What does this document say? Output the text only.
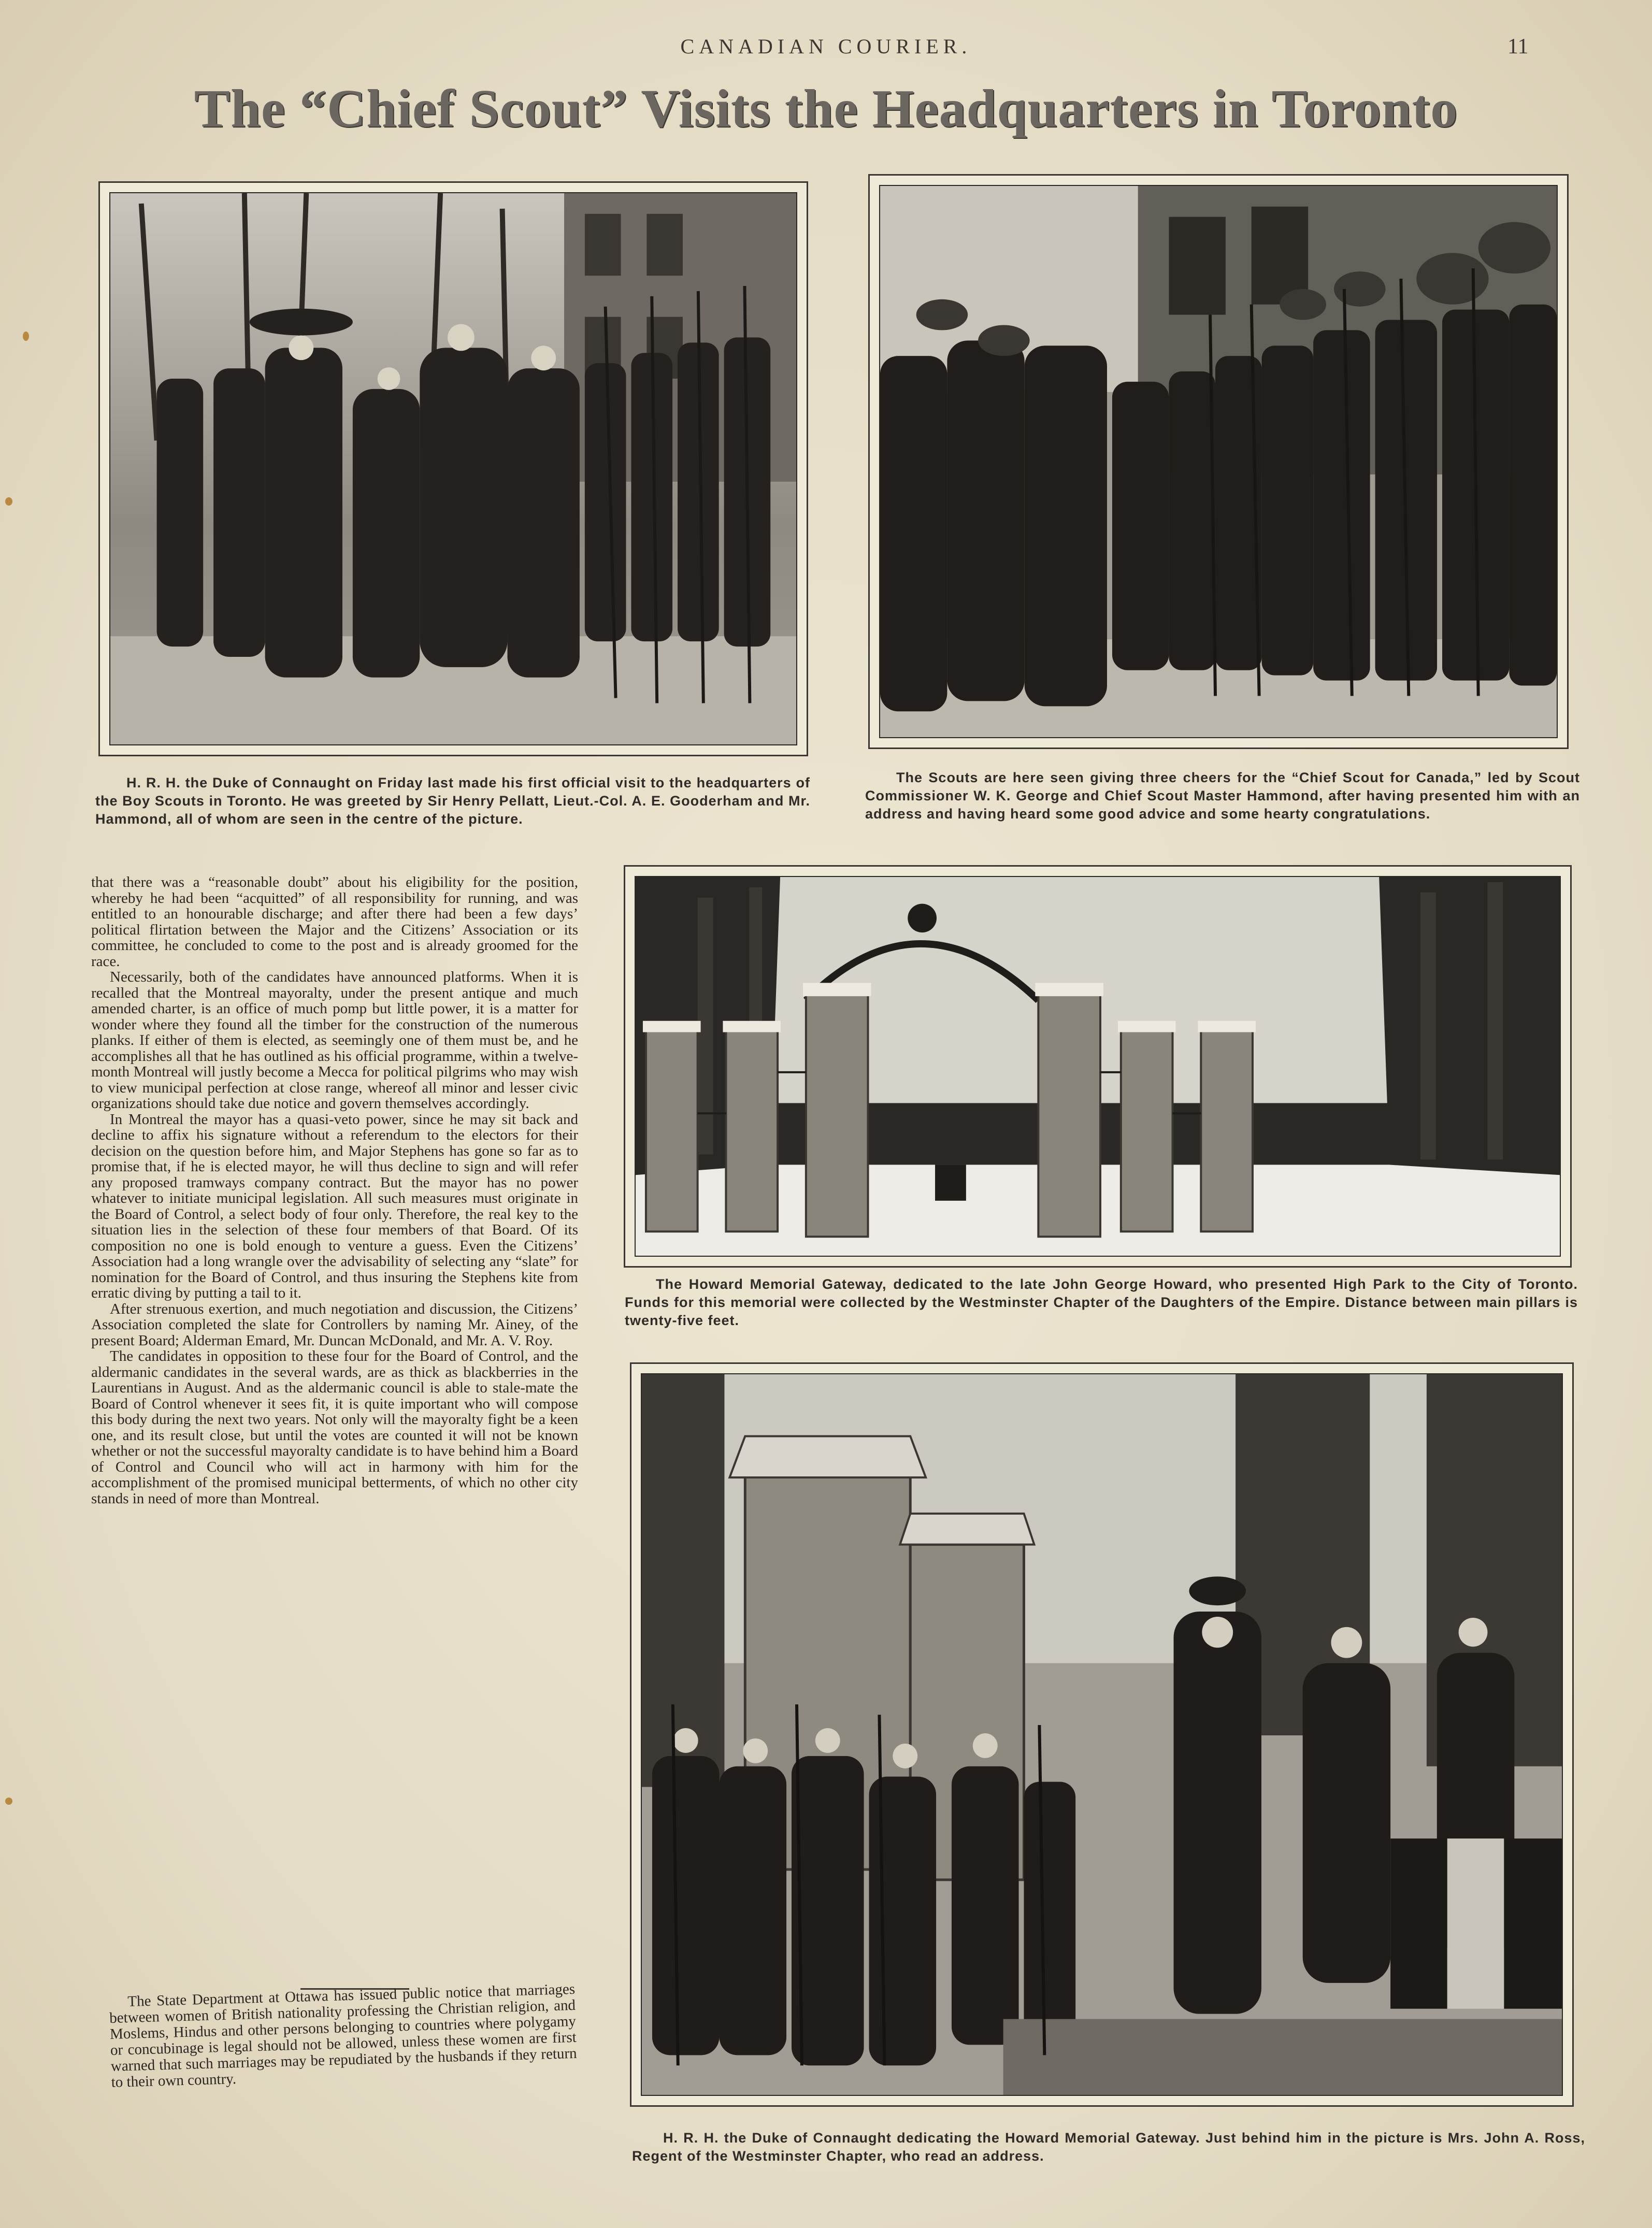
CANADIAN COURIER.	11
The “Chief Scout” Visits the Headquarters in Toronto
H. R. H. the Duke of Connaught on Friday last made his first official visit to the headquarters of the Boy Scouts in Toronto. He was greeted by Sir Henry Pellatt, Lieut.-Col. A. E. Gooderham and Mr. Hammond, all of whom are seen in the centre of the picture.
The Scouts are here seen giving three cheers for the “Chief Scout for Canada,” led by Scout Commissioner W. K. George and Chief Scout Master Hammond, after having presented him with an address and having heard some good advice and some hearty congratulations.
The Howard Memorial Gateway, dedicated to the late John George Howard, who presented High Park to the City of Toronto. Funds for this memorial were collected by the Westminster Chapter of the Daughters of the Empire. Distance between main pillars is twenty-five feet.
H. R. H. the Duke of Connaught dedicating the Howard Memorial Gateway. Just behind him in the picture is Mrs. John A. Ross, Regent of the Westminster Chapter, who read an address.

that there was a “reasonable doubt” about his eligibility for the position, whereby he had been “acquitted” of all responsibility for running, and was entitled to an honourable discharge; and after there had been a few days’ political flirtation between the Major and the Citizens’ Association or its committee, he concluded to come to the post and is already groomed for the race.

Necessarily, both of the candidates have announced platforms. When it is recalled that the Montreal mayoralty, under the present antique and much amended charter, is an office of much pomp but little power, it is a matter for wonder where they found all the timber for the construction of the numerous planks. If either of them is elected, as seemingly one of them must be, and he accomplishes all that he has outlined as his official programme, within a twelve-month Montreal will justly become a Mecca for political pilgrims who may wish to view municipal perfection at close range, whereof all minor and lesser civic organizations should take due notice and govern themselves accordingly.

In Montreal the mayor has a quasi-veto power, since he may sit back and decline to affix his signature without a referendum to the electors for their decision on the question before him, and Major Stephens has gone so far as to promise that, if he is elected mayor, he will thus decline to sign and will refer any proposed tramways company contract. But the mayor has no power whatever to initiate municipal legislation. All such measures must originate in the Board of Control, a select body of four only. Therefore, the real key to the situation lies in the selection of these four members of that Board. Of its composition no one is bold enough to venture a guess. Even the Citizens’ Association had a long wrangle over the advisability of selecting any “slate” for nomination for the Board of Control, and thus insuring the Stephens kite from erratic diving by putting a tail to it.

After strenuous exertion, and much negotiation and discussion, the Citizens’ Association completed the slate for Controllers by naming Mr. Ainey, of the present Board; Alderman Emard, Mr. Duncan McDonald, and Mr. A. V. Roy.

The candidates in opposition to these four for the Board of Control, and the aldermanic candidates in the several wards, are as thick as blackberries in the Laurentians in August. And as the aldermanic council is able to stale-mate the Board of Control whenever it sees fit, it is quite important who will compose this body during the next two years. Not only will the mayoralty fight be a keen one, and its result close, but until the votes are counted it will not be known whether or not the successful mayoralty candidate is to have behind him a Board of Control and Council who will act in harmony with him for the accomplishment of the promised municipal betterments, of which no other city stands in need of more than Montreal.

The State Department at Ottawa has issued public notice that marriages between women of British nationality professing the Christian religion, and Moslems, Hindus and other persons belonging to countries where polygamy or concubinage is legal should not be allowed, unless these women are first warned that such marriages may be repudiated by the husbands if they return to their own country.
